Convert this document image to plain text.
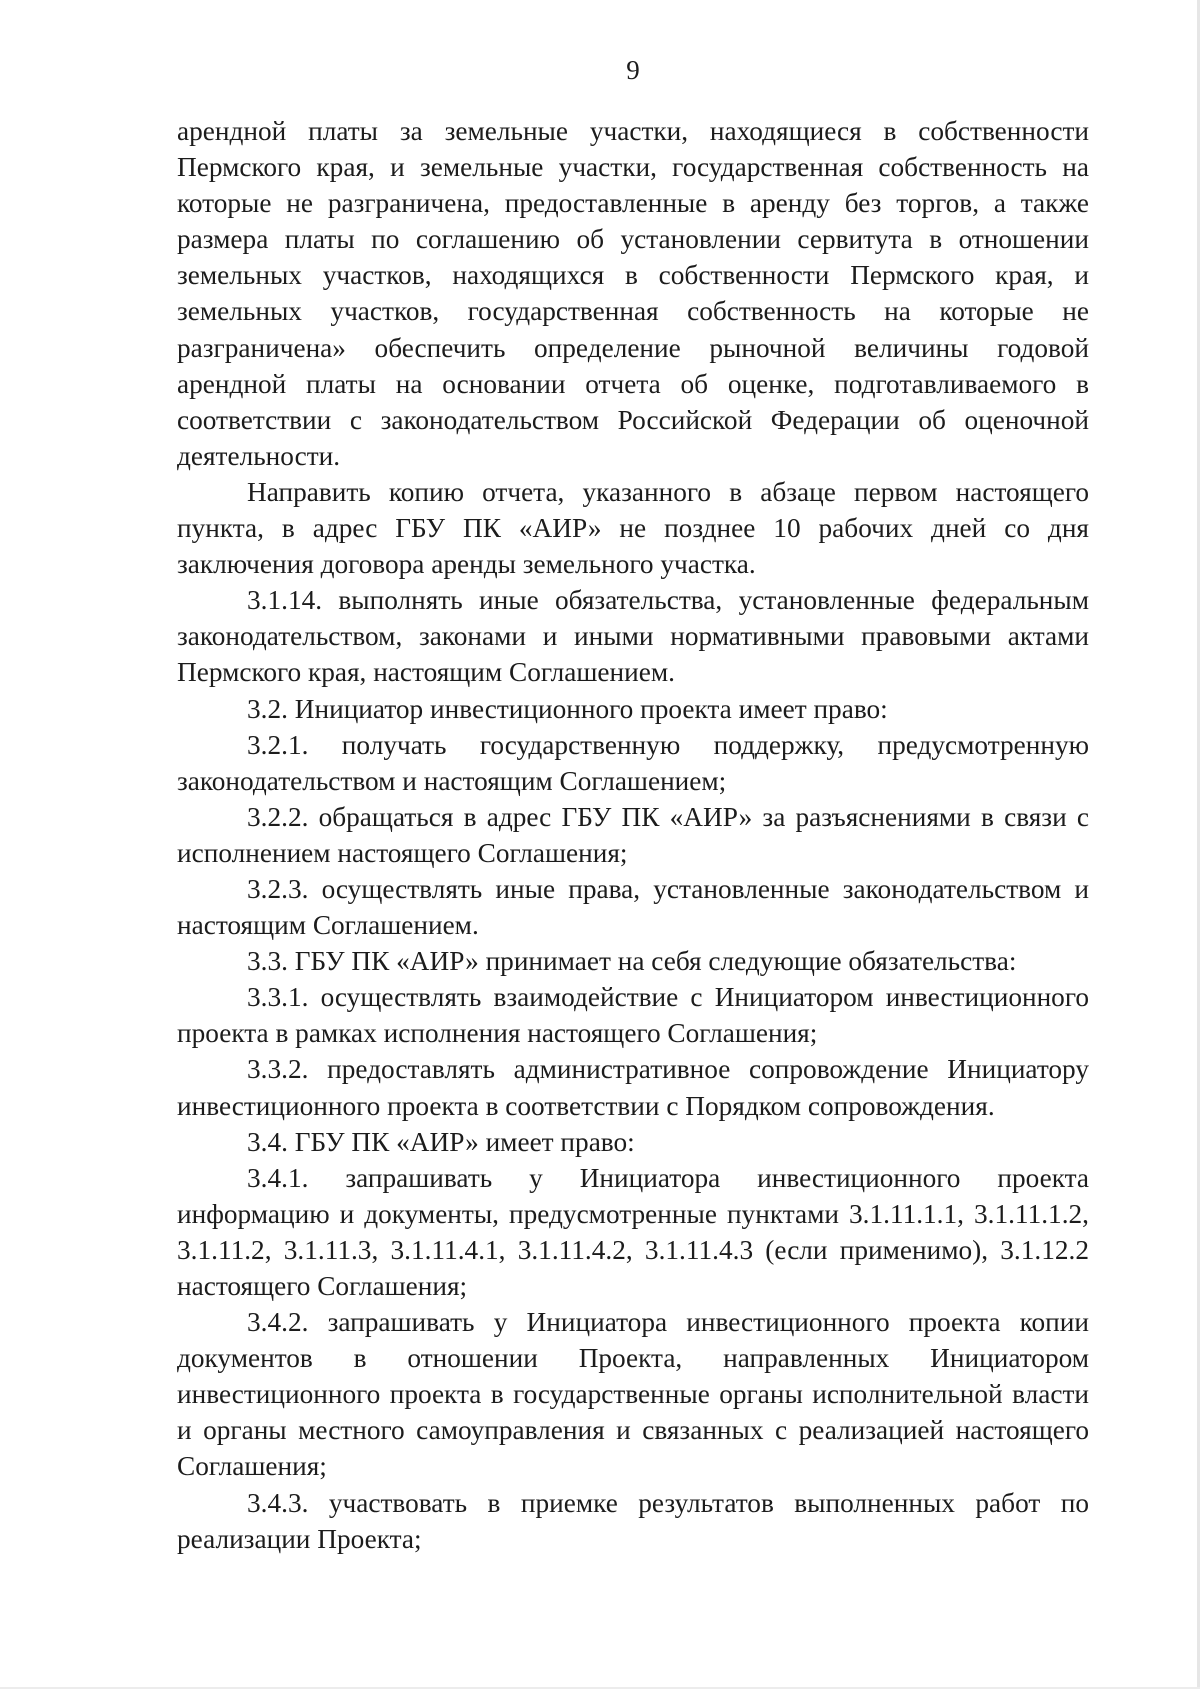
9

арендной платы за земельные участки, находящиеся в собственности Пермского края, и земельные участки, государственная собственность на которые не разграничена, предоставленные в аренду без торгов, а также размера платы по соглашению об установлении сервитута в отношении земельных участков, находящихся в собственности Пермского края, и земельных участков, государственная собственность на которые не разграничена» обеспечить определение рыночной величины годовой арендной платы на основании отчета об оценке, подготавливаемого в соответствии с законодательством Российской Федерации об оценочной деятельности.

Направить копию отчета, указанного в абзаце первом настоящего пункта, в адрес ГБУ ПК «АИР» не позднее 10 рабочих дней со дня заключения договора аренды земельного участка.

3.1.14. выполнять иные обязательства, установленные федеральным законодательством, законами и иными нормативными правовыми актами Пермского края, настоящим Соглашением.

3.2. Инициатор инвестиционного проекта имеет право:

3.2.1. получать государственную поддержку, предусмотренную законодательством и настоящим Соглашением;

3.2.2. обращаться в адрес ГБУ ПК «АИР» за разъяснениями в связи с исполнением настоящего Соглашения;

3.2.3. осуществлять иные права, установленные законодательством и настоящим Соглашением.

3.3. ГБУ ПК «АИР» принимает на себя следующие обязательства:

3.3.1. осуществлять взаимодействие с Инициатором инвестиционного проекта в рамках исполнения настоящего Соглашения;

3.3.2. предоставлять административное сопровождение Инициатору инвестиционного проекта в соответствии с Порядком сопровождения.

3.4. ГБУ ПК «АИР» имеет право:

3.4.1. запрашивать у Инициатора инвестиционного проекта информацию и документы, предусмотренные пунктами 3.1.11.1.1, 3.1.11.1.2, 3.1.11.2, 3.1.11.3, 3.1.11.4.1, 3.1.11.4.2, 3.1.11.4.3 (если применимо), 3.1.12.2 настоящего Соглашения;

3.4.2. запрашивать у Инициатора инвестиционного проекта копии документов в отношении Проекта, направленных Инициатором инвестиционного проекта в государственные органы исполнительной власти и органы местного самоуправления и связанных с реализацией настоящего Соглашения;

3.4.3. участвовать в приемке результатов выполненных работ по реализации Проекта;
